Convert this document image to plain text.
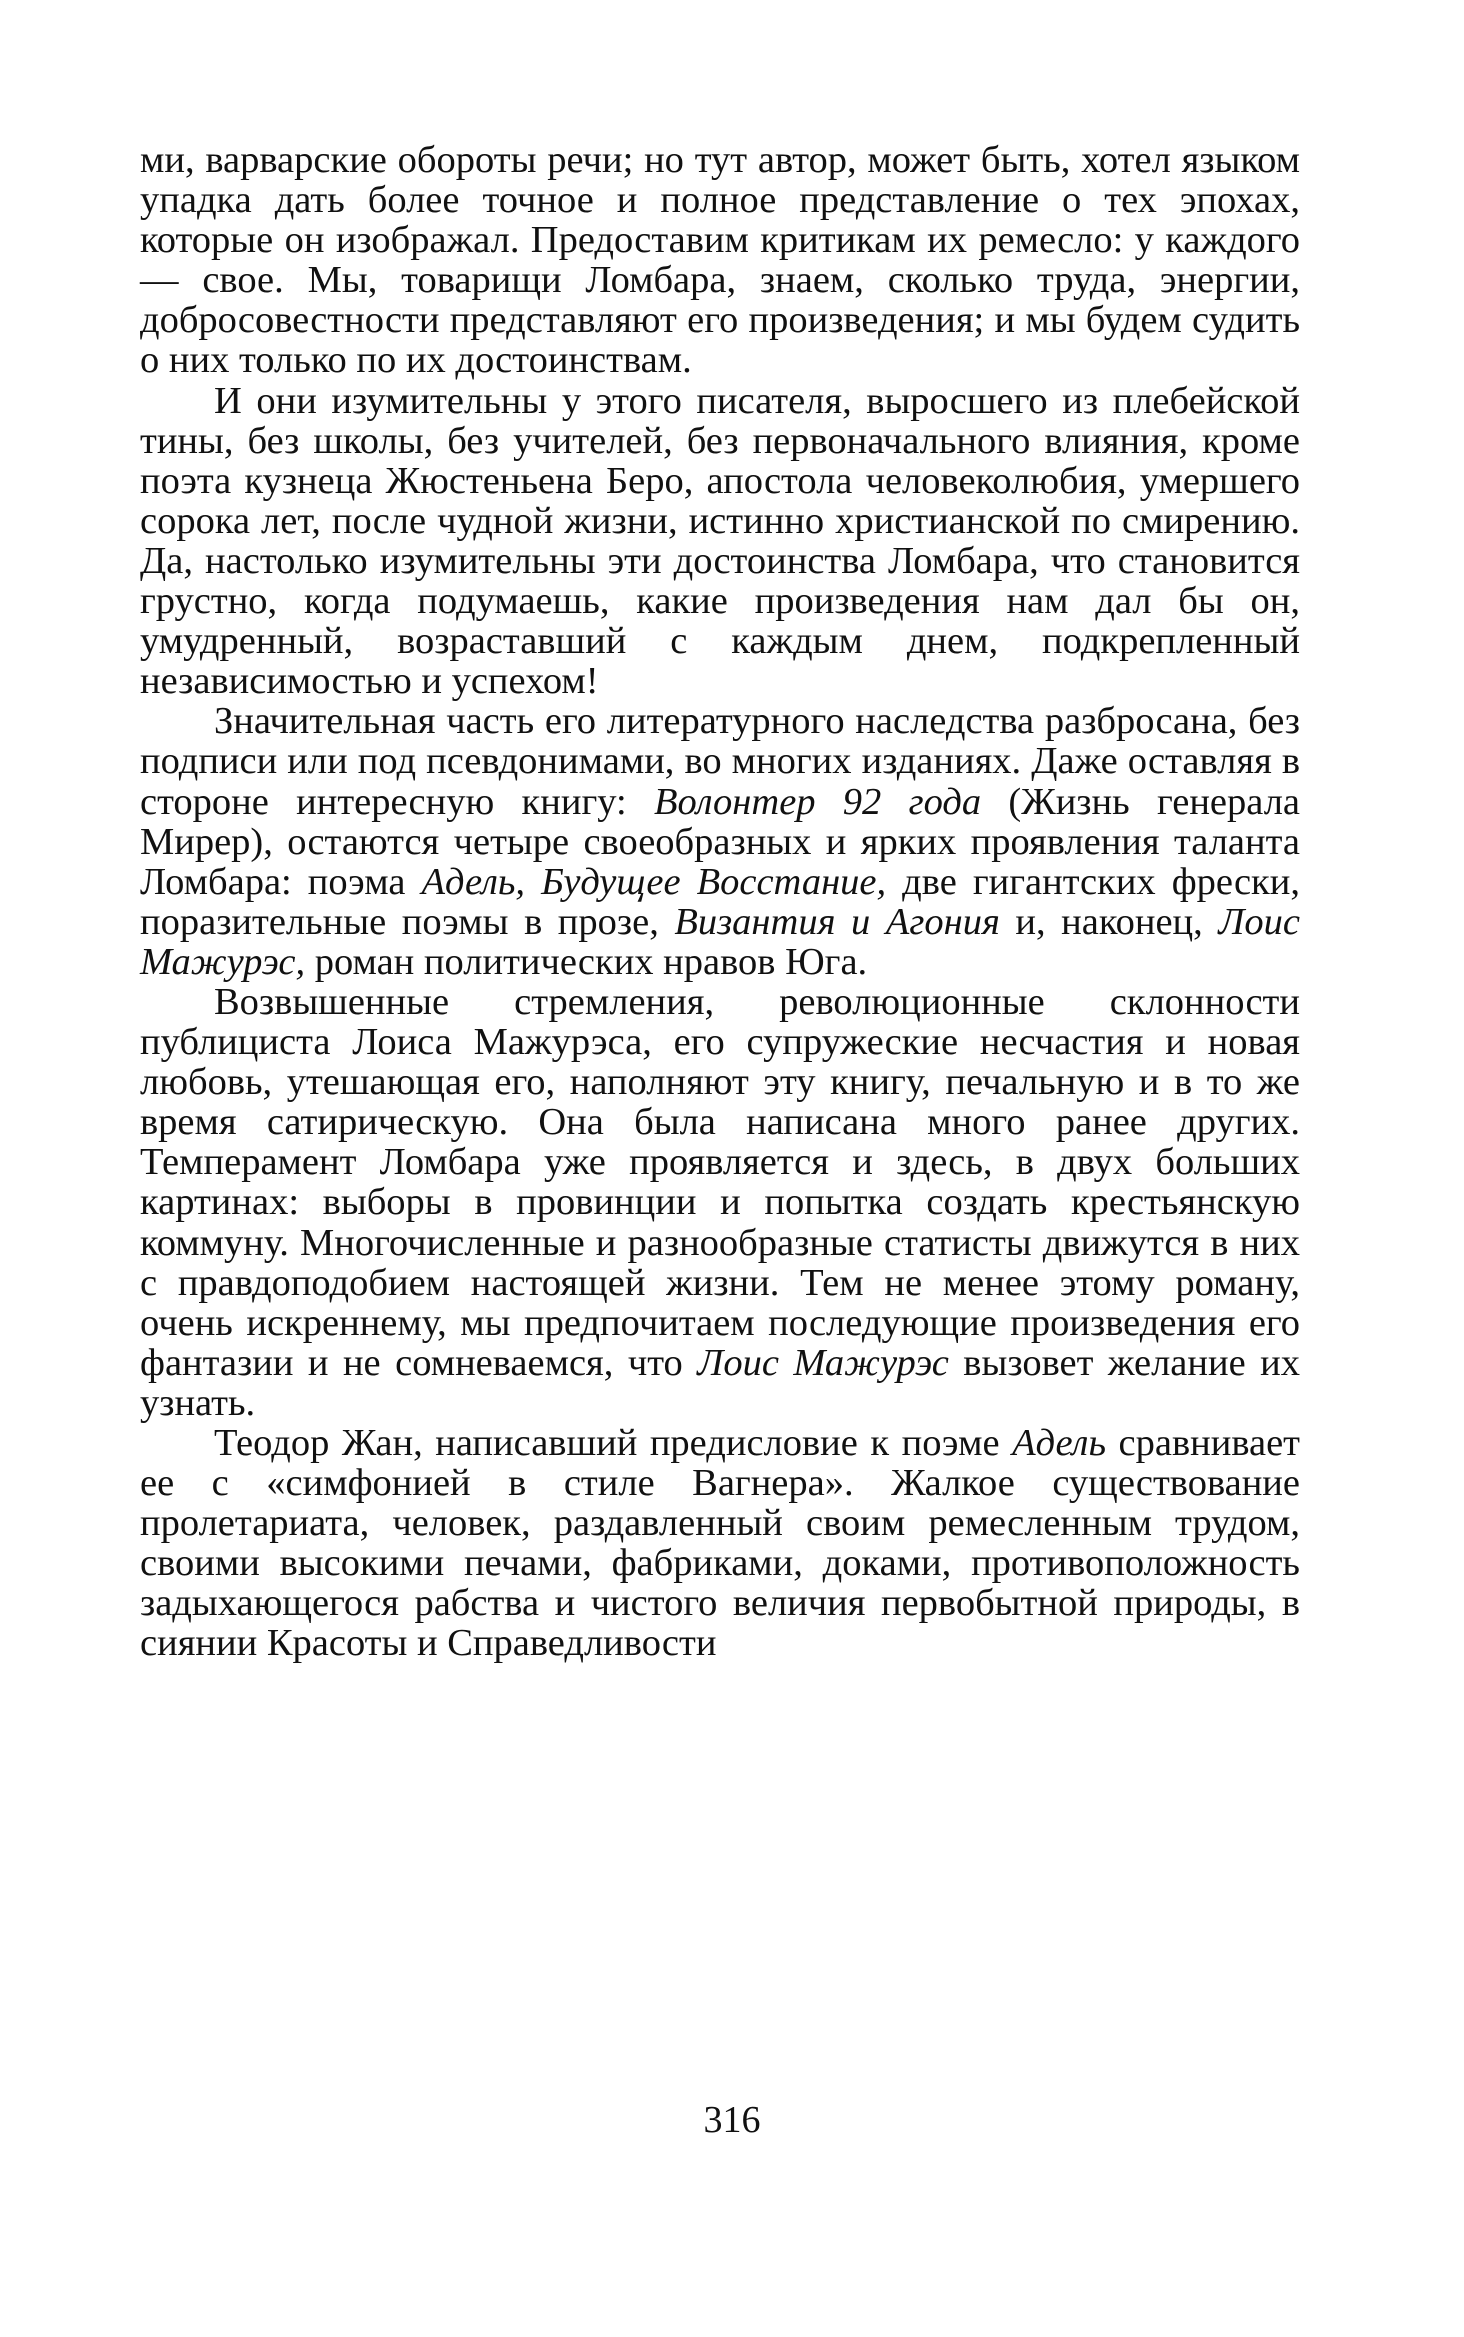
ми, варварские обороты речи; но тут автор, может быть, хотел языком упадка дать более точное и полное представление о тех эпохах, которые он изображал. Предоставим критикам их ремесло: у каждого — свое. Мы, товарищи Ломбара, знаем, сколько труда, энергии, добросовестности представляют его произведения; и мы будем судить о них только по их достоинствам.

И они изумительны у этого писателя, выросшего из плебейской тины, без школы, без учителей, без первоначального влияния, кроме поэта кузнеца Жюстеньена Беро, апостола человеколюбия, умершего сорока лет, после чудной жизни, истинно христианской по смирению. Да, настолько изумительны эти достоинства Ломбара, что становится грустно, когда подумаешь, какие произведения нам дал бы он, умудренный, возраставший с каждым днем, подкрепленный независимостью и успехом!

Значительная часть его литературного наследства разбросана, без подписи или под псевдонимами, во многих изданиях. Даже оставляя в стороне интересную книгу: Волонтер 92 года (Жизнь генерала Мирер), остаются четыре своеобразных и ярких проявления таланта Ломбара: поэма Адель, Будущее Восстание, две гигантских фрески, поразительные поэмы в прозе, Византия и Агония и, наконец, Лоис Мажурэс, роман политических нравов Юга.

Возвышенные стремления, революционные склонности публициста Лоиса Мажурэса, его супружеские несчастия и новая любовь, утешающая его, наполняют эту книгу, печальную и в то же время сатирическую. Она была написана много ранее других. Темперамент Ломбара уже проявляется и здесь, в двух больших картинах: выборы в провинции и попытка создать крестьянскую коммуну. Многочисленные и разнообразные статисты движутся в них с правдоподобием настоящей жизни. Тем не менее этому роману, очень искреннему, мы предпочитаем последующие произведения его фантазии и не сомневаемся, что Лоис Мажурэс вызовет желание их узнать.

Теодор Жан, написавший предисловие к поэме Адель сравнивает ее с «симфонией в стиле Вагнера». Жалкое существование пролетариата, человек, раздавленный своим ремесленным трудом, своими высокими печами, фабриками, доками, противоположность задыхающегося рабства и чистого величия первобытной природы, в сиянии Красоты и Справедливости

316
